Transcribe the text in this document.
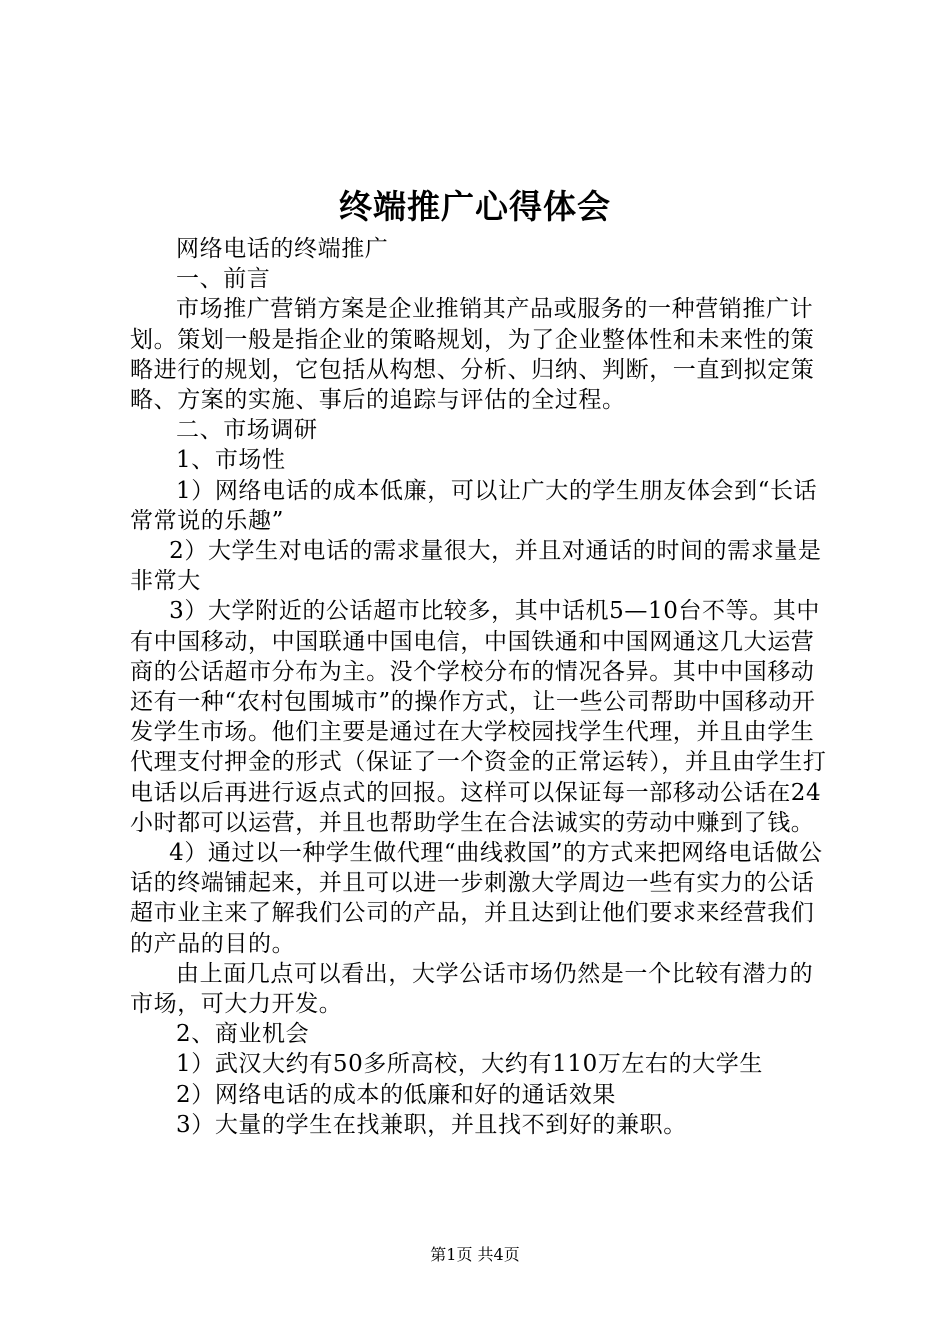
终端推广心得体会

网络电话的终端推广

一、前言

市场推广营销方案是企业推销其产品或服务的一种营销推广计划。策划一般是指企业的策略规划，为了企业整体性和未来性的策略进行的规划，它包括从构想、分析、归纳、判断，一直到拟定策略、方案的实施、事后的追踪与评估的全过程。

二、市场调研

1、市场性

1）网络电话的成本低廉，可以让广大的学生朋友体会到“长话常常说的乐趣”

2）大学生对电话的需求量很大，并且对通话的时间的需求量是非常大

3）大学附近的公话超市比较多，其中话机5—10台不等。其中有中国移动，中国联通中国电信，中国铁通和中国网通这几大运营商的公话超市分布为主。没个学校分布的情况各异。其中中国移动还有一种“农村包围城市”的操作方式，让一些公司帮助中国移动开发学生市场。他们主要是通过在大学校园找学生代理，并且由学生代理支付押金的形式（保证了一个资金的正常运转），并且由学生打电话以后再进行返点式的回报。这样可以保证每一部移动公话在24小时都可以运营，并且也帮助学生在合法诚实的劳动中赚到了钱。

4）通过以一种学生做代理“曲线救国”的方式来把网络电话做公话的终端铺起来，并且可以进一步刺激大学周边一些有实力的公话超市业主来了解我们公司的产品，并且达到让他们要求来经营我们的产品的目的。

由上面几点可以看出，大学公话市场仍然是一个比较有潜力的市场，可大力开发。

2、商业机会

1）武汉大约有50多所高校，大约有110万左右的大学生

2）网络电话的成本的低廉和好的通话效果

3）大量的学生在找兼职，并且找不到好的兼职。

第1页 共4页
